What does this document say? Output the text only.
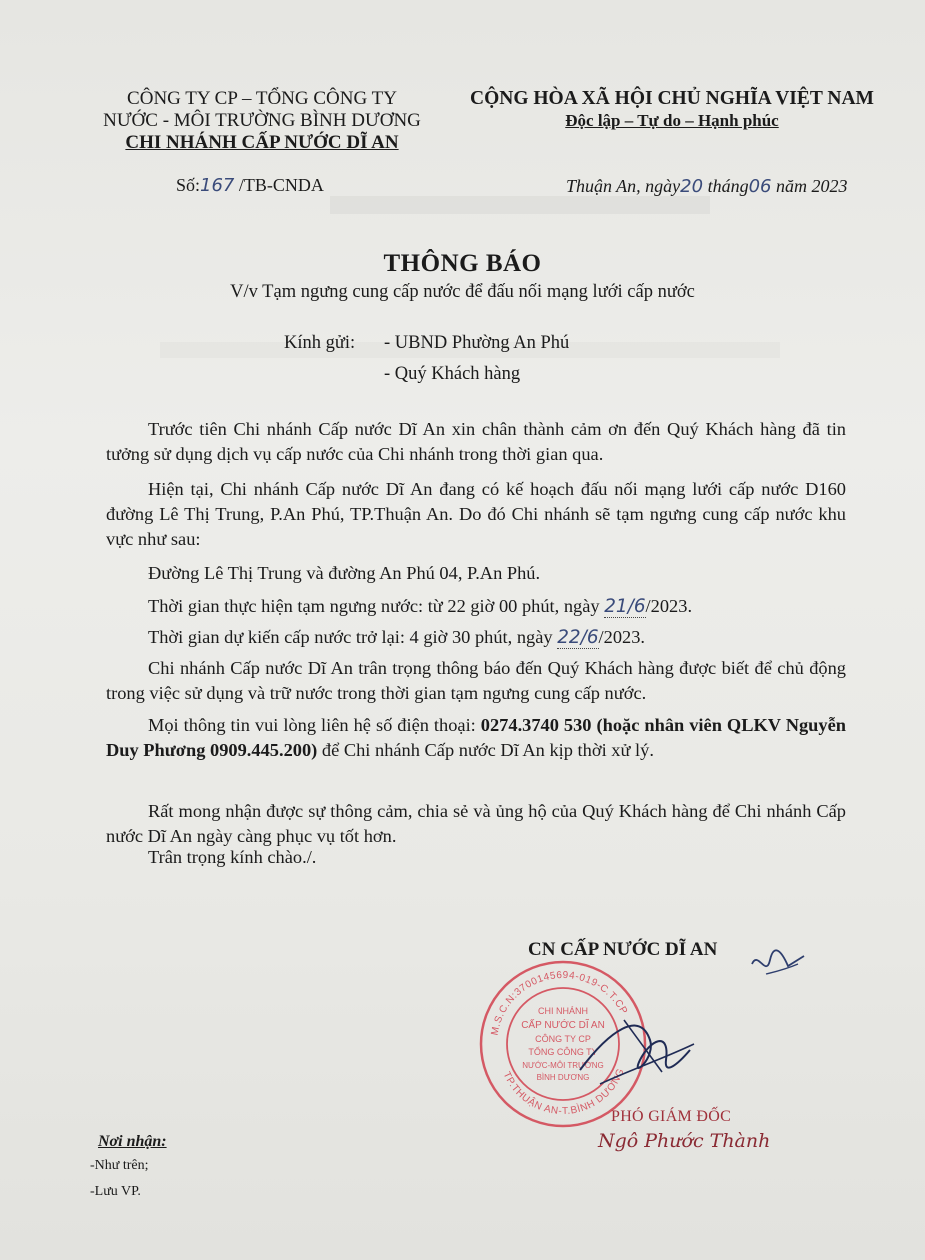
CÔNG TY CP – TỔNG CÔNG TY
NƯỚC - MÔI TRƯỜNG BÌNH DƯƠNG
CHI NHÁNH CẤP NƯỚC DĨ AN
CỘNG HÒA XÃ HỘI CHỦ NGHĨA VIỆT NAM
Độc lập – Tự do – Hạnh phúc
Số:167 /TB-CNDA	Thuận An, ngày20 tháng06 năm 2023
THÔNG BÁO
V/v Tạm ngưng cung cấp nước để đấu nối mạng lưới cấp nước
Kính gửi: - UBND Phường An Phú
- Quý Khách hàng
Trước tiên Chi nhánh Cấp nước Dĩ An xin chân thành cảm ơn đến Quý Khách hàng đã tin tưởng sử dụng dịch vụ cấp nước của Chi nhánh trong thời gian qua.
Hiện tại, Chi nhánh Cấp nước Dĩ An đang có kế hoạch đấu nối mạng lưới cấp nước D160 đường Lê Thị Trung, P.An Phú, TP.Thuận An. Do đó Chi nhánh sẽ tạm ngưng cung cấp nước khu vực như sau:
Đường Lê Thị Trung và đường An Phú 04, P.An Phú.
Thời gian thực hiện tạm ngưng nước: từ 22 giờ 00 phút, ngày 21/6/2023.
Thời gian dự kiến cấp nước trở lại: 4 giờ 30 phút, ngày 22/6/2023.
Chi nhánh Cấp nước Dĩ An trân trọng thông báo đến Quý Khách hàng được biết để chủ động trong việc sử dụng và trữ nước trong thời gian tạm ngưng cung cấp nước.
Mọi thông tin vui lòng liên hệ số điện thoại: 0274.3740 530 (hoặc nhân viên QLKV Nguyễn Duy Phương 0909.445.200) để Chi nhánh Cấp nước Dĩ An kịp thời xử lý.
Rất mong nhận được sự thông cảm, chia sẻ và ủng hộ của Quý Khách hàng để Chi nhánh Cấp nước Dĩ An ngày càng phục vụ tốt hơn.
Trân trọng kính chào./.
CN CẤP NƯỚC DĨ AN
M.S.C.N:3700145694-019-C.T.CP
TP.THUẬN AN-T.BÌNH DƯƠNG
CHI NHÁNH
CẤP NƯỚC DĨ AN
CÔNG TY CP
TỔNG CÔNG TY
NƯỚC-MÔI TRƯỜNG
BÌNH DƯƠNG
PHÓ GIÁM ĐỐC
Ngô Phước Thành
Nơi nhận:
-Như trên;
-Lưu VP.
